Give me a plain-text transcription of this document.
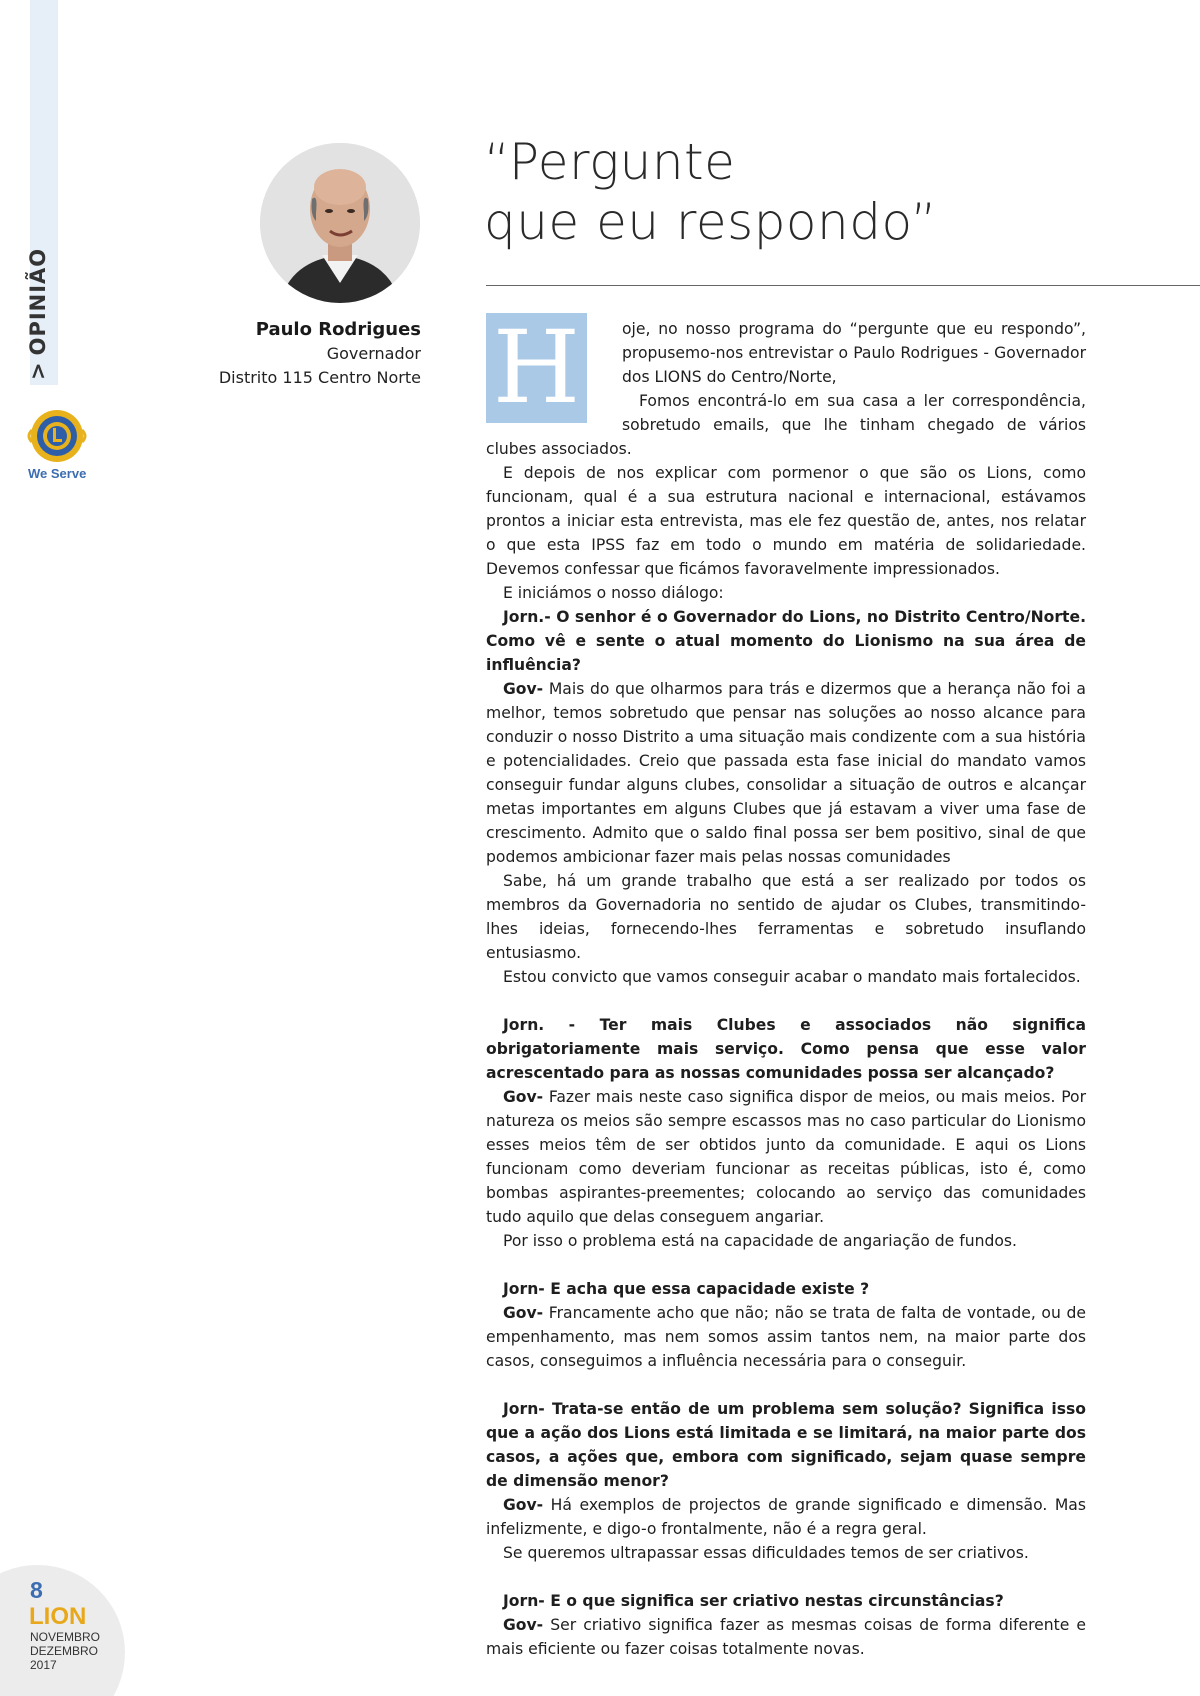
>OPINIÃO
We Serve
8
LION
NOVEMBRO
DEZEMBRO
2017
Paulo Rodrigues
Governador
Distrito 115 Centro Norte
“Pergunte
que eu respondo”
H	oje, no nosso programa do “pergunte que eu respondo”, propusemo-nos entrevistar o Paulo Rodrigues - Governador dos LIONS do Centro/Norte,

Fomos encontrá-lo em sua casa a ler correspondência, sobretudo emails, que lhe tinham chegado de vários clubes associados.

E depois de nos explicar com pormenor o que são os Lions, como funcionam, qual é a sua estrutura nacional e internacional, estávamos prontos a iniciar esta entrevista, mas ele fez questão de, antes, nos relatar o que esta IPSS faz em todo o mundo em matéria de solidariedade. Devemos confessar que ficámos favoravelmente impressionados.

E iniciámos o nosso diálogo:

Jorn.- O senhor é o Governador do Lions, no Distrito Centro/Norte. Como vê e sente o atual momento do Lionismo na sua área de influência?

Gov- Mais do que olharmos para trás e dizermos que a herança não foi a melhor, temos sobretudo que pensar nas soluções ao nosso alcance para conduzir o nosso Distrito a uma situação mais condizente com a sua história e potencialidades. Creio que passada esta fase inicial do mandato vamos conseguir fundar alguns clubes, consolidar a situação de outros e alcançar metas importantes em alguns Clubes que já estavam a viver uma fase de crescimento. Admito que o saldo final possa ser bem positivo, sinal de que podemos ambicionar fazer mais pelas nossas comunidades

Sabe, há um grande trabalho que está a ser realizado por todos os membros da Governadoria no sentido de ajudar os Clubes, transmitindo-lhes ideias, fornecendo-lhes ferramentas e sobretudo insuflando entusiasmo.

Estou convicto que vamos conseguir acabar o mandato mais fortalecidos.

Jorn. - Ter mais Clubes e associados não significa obrigatoriamente mais serviço. Como pensa que esse valor acrescentado para as nossas comunidades possa ser alcançado?

Gov- Fazer mais neste caso significa dispor de meios, ou mais meios. Por natureza os meios são sempre escassos mas no caso particular do Lionismo esses meios têm de ser obtidos junto da comunidade. E aqui os Lions funcionam como deveriam funcionar as receitas públicas, isto é, como bombas aspirantes-preementes; colocando ao serviço das comunidades tudo aquilo que delas conseguem angariar.

Por isso o problema está na capacidade de angariação de fundos.

Jorn- E acha que essa capacidade existe ?

Gov- Francamente acho que não; não se trata de falta de vontade, ou de empenhamento, mas nem somos assim tantos nem, na maior parte dos casos, conseguimos a influência necessária para o conseguir.

Jorn- Trata-se então de um problema sem solução? Significa isso que a ação dos Lions está limitada e se limitará, na maior parte dos casos, a ações que, embora com significado, sejam quase sempre de dimensão menor?

Gov- Há exemplos de projectos de grande significado e dimensão. Mas infelizmente, e digo-o frontalmente, não é a regra geral.

Se queremos ultrapassar essas dificuldades temos de ser criativos.

Jorn- E o que significa ser criativo nestas circunstâncias?

Gov- Ser criativo significa fazer as mesmas coisas de forma diferente e mais eficiente ou fazer coisas totalmente novas.
